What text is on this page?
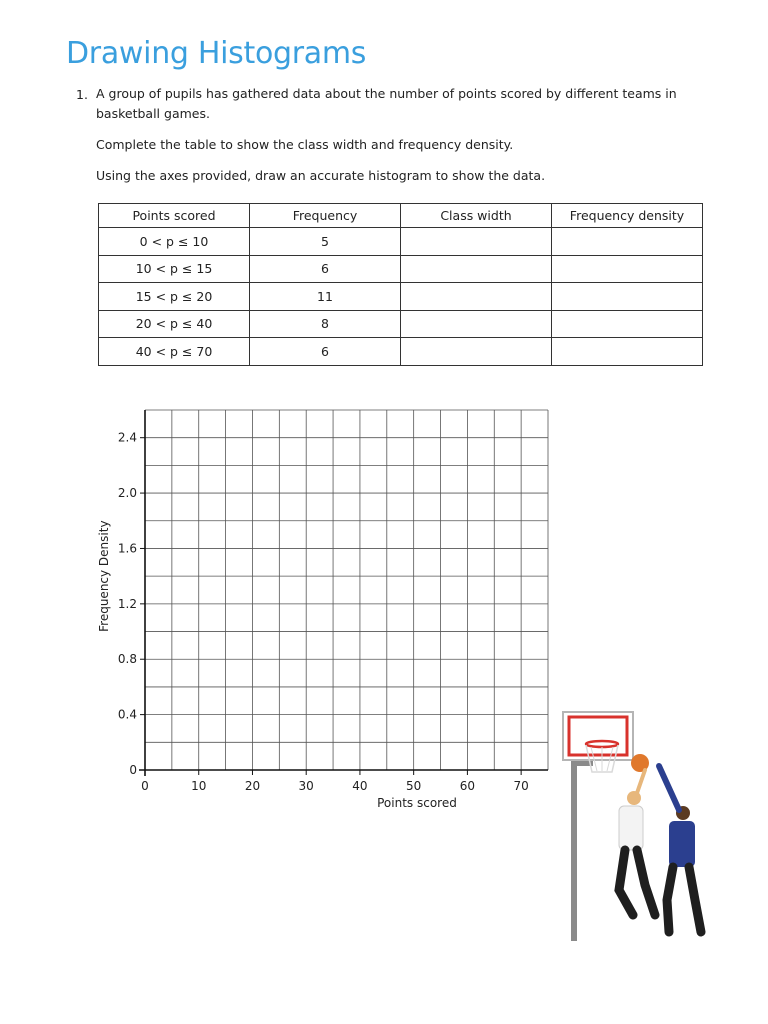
Drawing Histograms
1. A group of pupils has gathered data about the number of points scored by different teams in basketball games.

Complete the table to show the class width and frequency density.

Using the axes provided, draw an accurate histogram to show the data.

Points scored	Frequency	Class width	Frequency density
0 < p ≤ 10	5		
10 < p ≤ 15	6		
15 < p ≤ 20	11		
20 < p ≤ 40	8		
40 < p ≤ 70	6		
0	10	20	30	40	50	60	70
0
0.4
0.8
1.2
1.6
2.0
2.4
Points scored
Frequency Density
